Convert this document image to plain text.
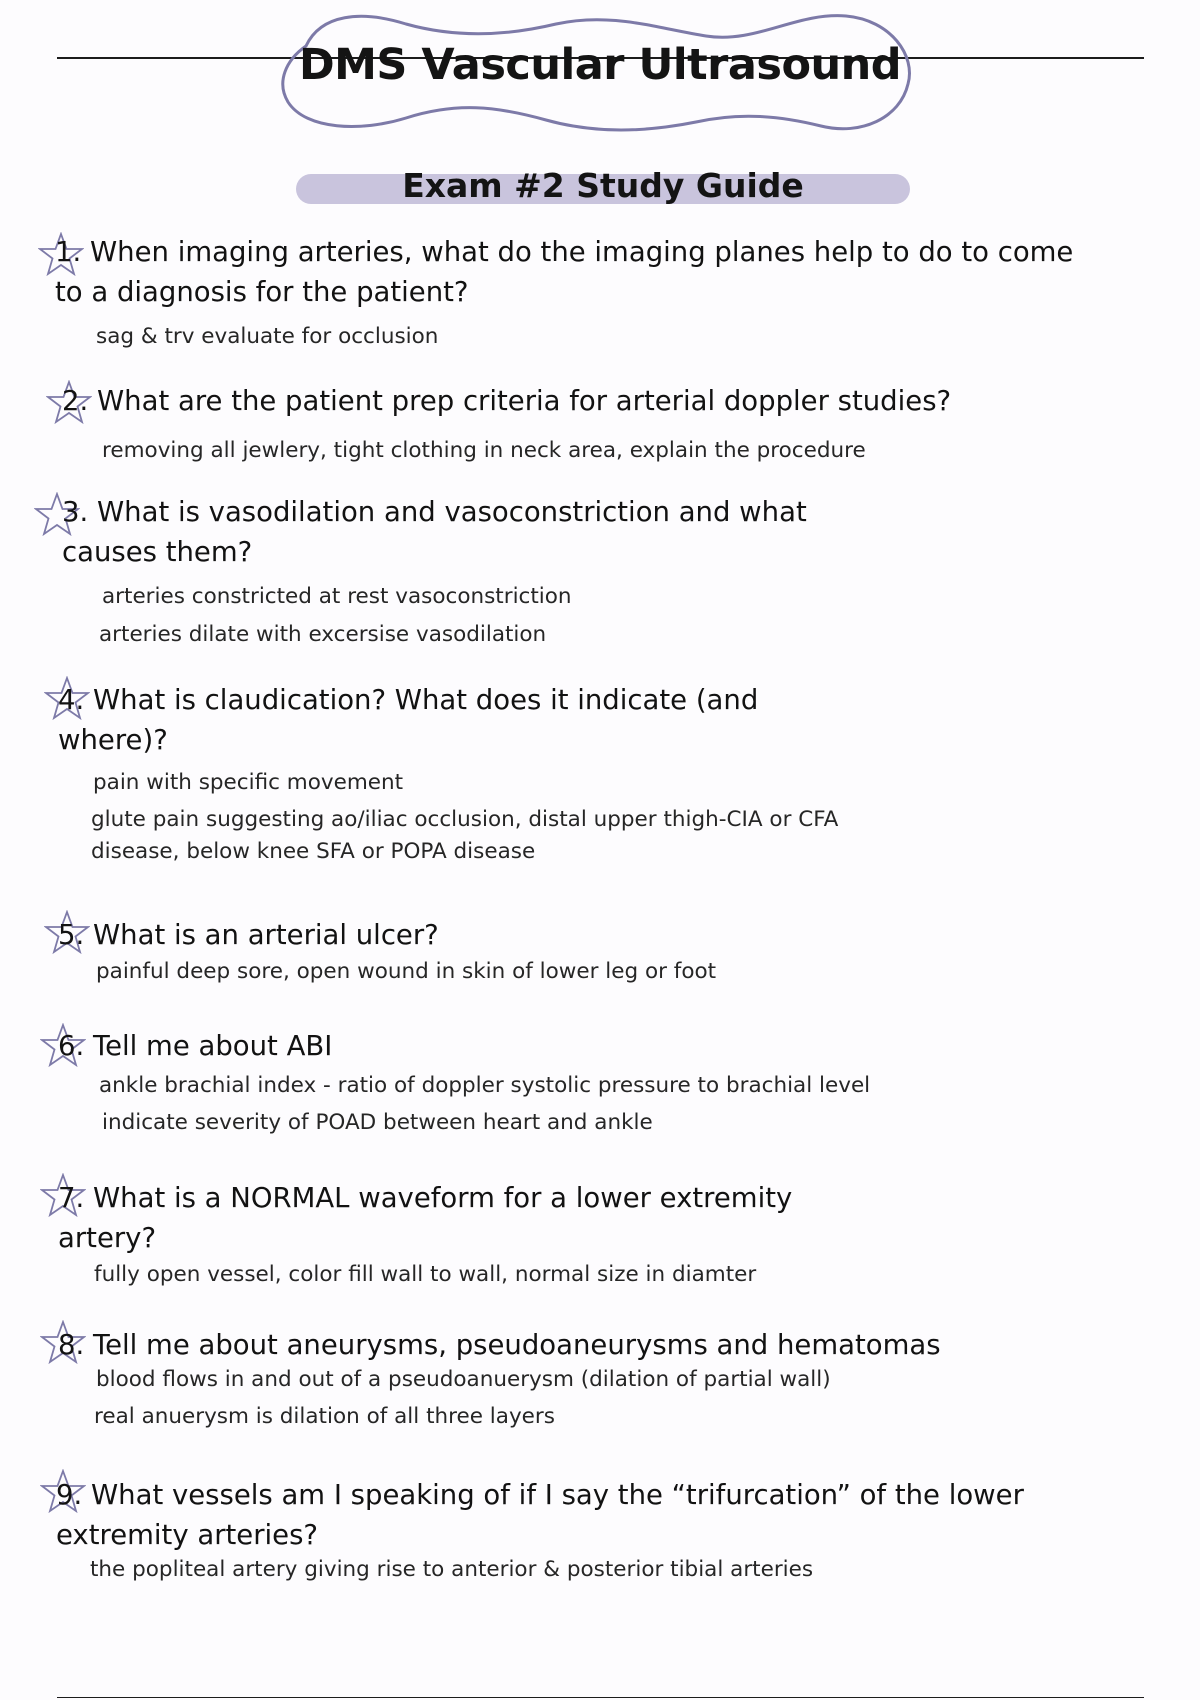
DMS Vascular Ultrasound
Exam #2 Study Guide
1. When imaging arteries, what do the imaging planes help to do to come to a diagnosis for the patient?
sag & trv evaluate for occlusion
2. What are the patient prep criteria for arterial doppler studies?
removing all jewlery, tight clothing in neck area, explain the procedure
3. What is vasodilation and vasoconstriction and what causes them?
arteries constricted at rest vasoconstriction
arteries dilate with excersise vasodilation
4. What is claudication? What does it indicate (and where)?
pain with specific movement
glute pain suggesting ao/iliac occlusion, distal upper thigh-CIA or CFA
disease, below knee SFA or POPA disease
5. What is an arterial ulcer?
painful deep sore, open wound in skin of lower leg or foot
6. Tell me about ABI
ankle brachial index - ratio of doppler systolic pressure to brachial level
indicate severity of POAD between heart and ankle
7. What is a NORMAL waveform for a lower extremity artery?
fully open vessel, color fill wall to wall, normal size in diamter
8. Tell me about aneurysms, pseudoaneurysms and hematomas
blood flows in and out of a pseudoanuerysm (dilation of partial wall)
real anuerysm is dilation of all three layers
9. What vessels am I speaking of if I say the “trifurcation” of the lower extremity arteries?
the popliteal artery giving rise to anterior & posterior tibial arteries
